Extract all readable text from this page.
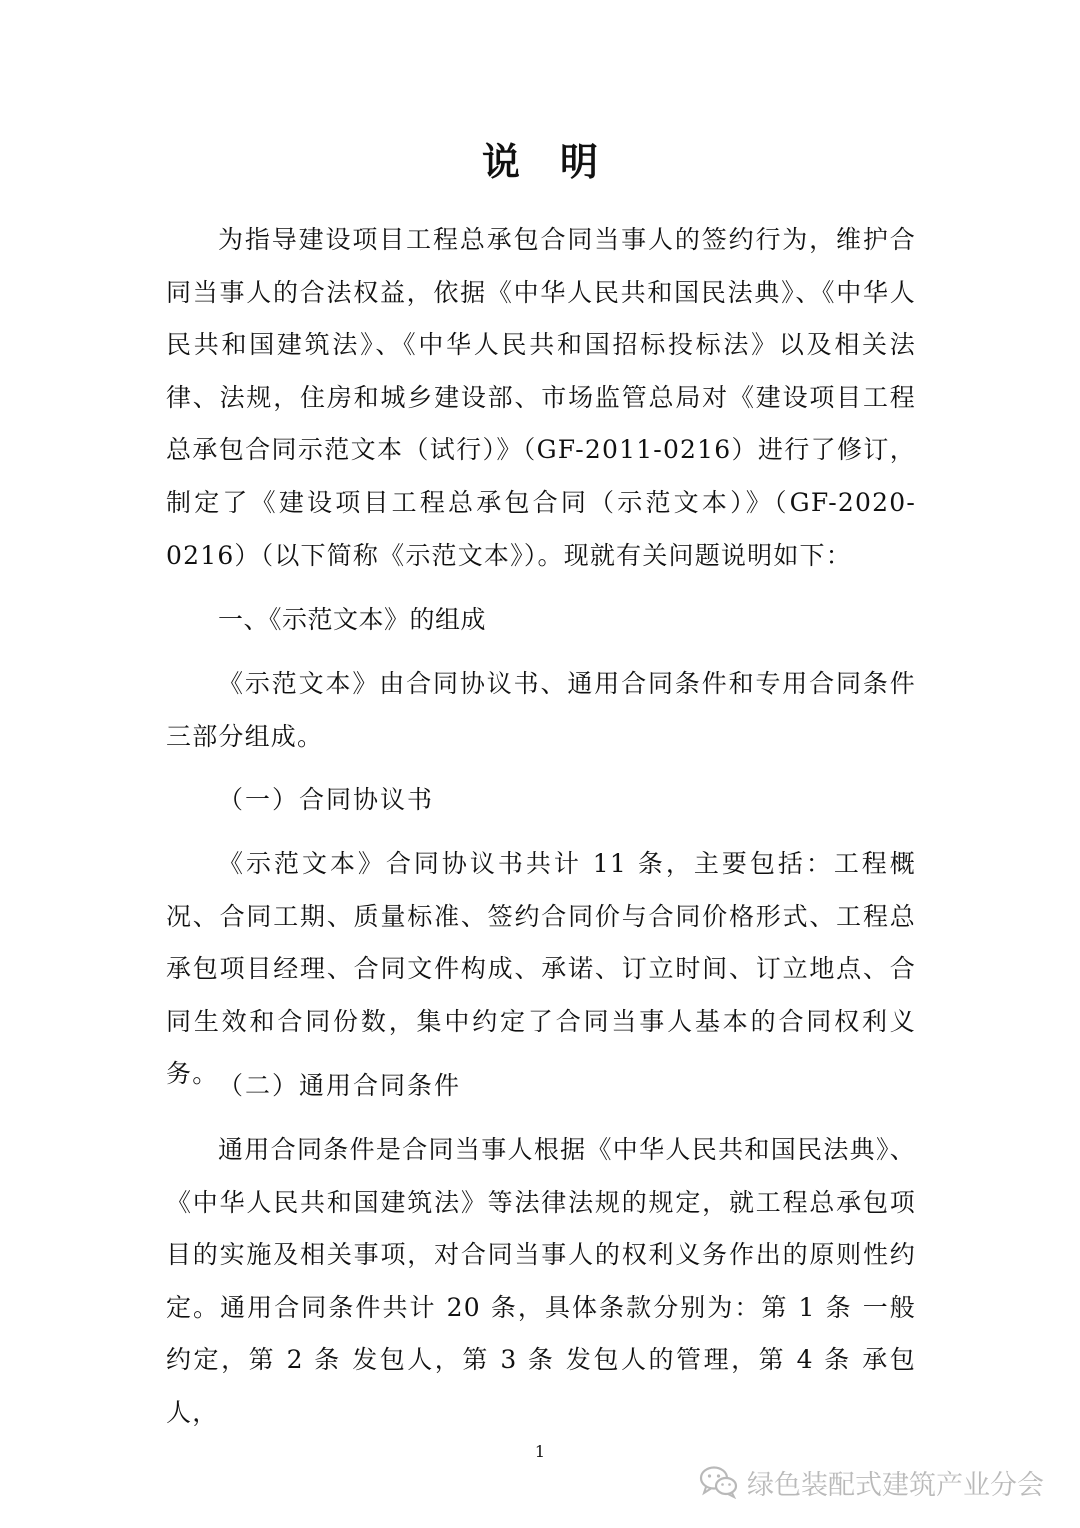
说明

为指导建设项目工程总承包合同当事人的签约行为，维护合同当事人的合法权益，依据《中华人民共和国民法典》、《中华人民共和国建筑法》、《中华人民共和国招标投标法》以及相关法律、法规，住房和城乡建设部、市场监管总局对《建设项目工程总承包合同示范文本（试行）》（GF-2011-0216）进行了修订，制定了《建设项目工程总承包合同（示范文本）》（GF-2020-0216）（以下简称《示范文本》）。现就有关问题说明如下：

一、《示范文本》的组成

《示范文本》由合同协议书、通用合同条件和专用合同条件三部分组成。

（一）合同协议书

《示范文本》合同协议书共计 11 条，主要包括：工程概况、合同工期、质量标准、签约合同价与合同价格形式、工程总承包项目经理、合同文件构成、承诺、订立时间、订立地点、合同生效和合同份数，集中约定了合同当事人基本的合同权利义务。 （二）通用合同条件

通用合同条件是合同当事人根据《中华人民共和国民法典》、《中华人民共和国建筑法》等法律法规的规定，就工程总承包项目的实施及相关事项，对合同当事人的权利义务作出的原则性约定。通用合同条件共计 20 条，具体条款分别为：第 1 条 一般约定，第 2 条 发包人，第 3 条 发包人的管理，第 4 条 承包人，

1
绿色装配式建筑产业分会
